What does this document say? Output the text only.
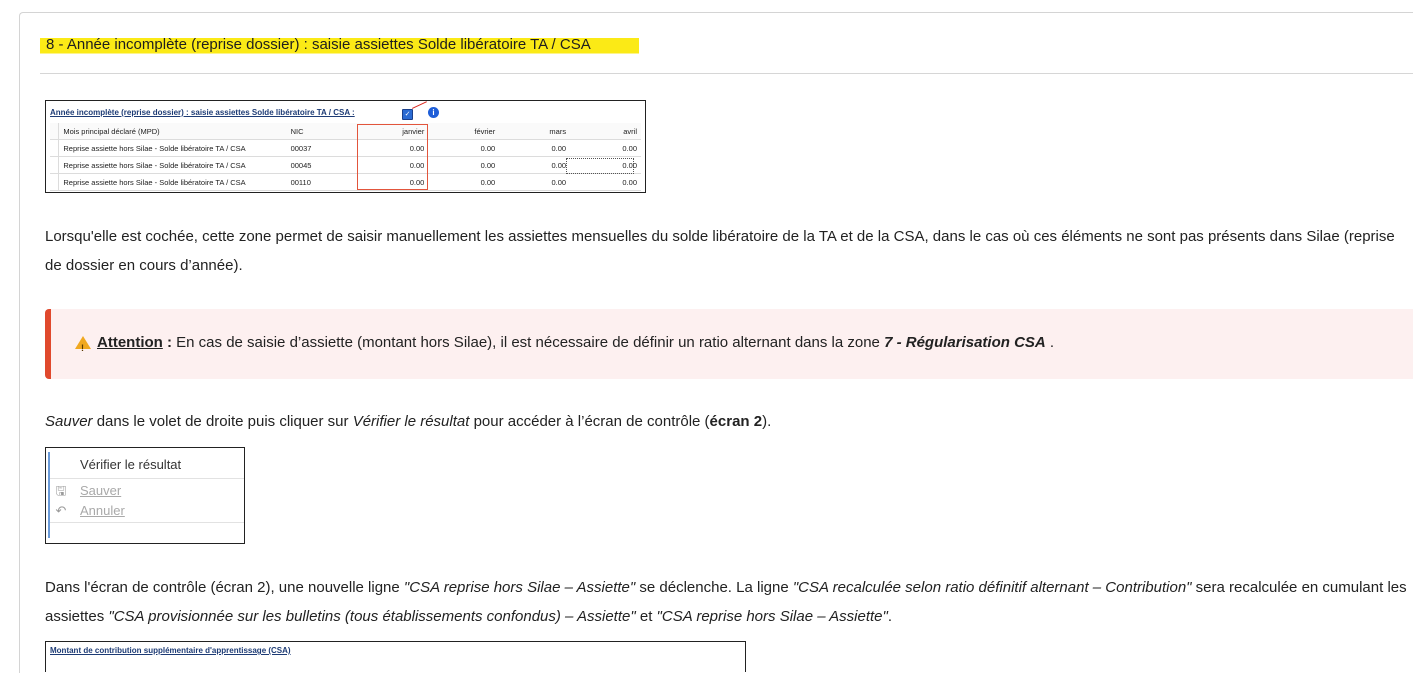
8 - Année incomplète (reprise dossier) : saisie assiettes Solde libératoire TA / CSA
Année incomplète (reprise dossier) : saisie assiettes Solde libératoire TA / CSA :	✓	i
	Mois principal déclaré (MPD)	NIC	janvier	février	mars	avril
	Reprise assiette hors Silae - Solde libératoire TA / CSA	00037	0.00	0.00	0.00	0.00
	Reprise assiette hors Silae - Solde libératoire TA / CSA	00045	0.00	0.00	0.00	0.00
	Reprise assiette hors Silae - Solde libératoire TA / CSA	00110	0.00	0.00	0.00	0.00
Lorsqu'elle est cochée, cette zone permet de saisir manuellement les assiettes mensuelles du solde libératoire de la TA et de la CSA, dans le cas où ces éléments ne sont pas présents dans Silae (reprise
de dossier en cours d’année).
!Attention : En cas de saisie d’assiette (montant hors Silae), il est nécessaire de définir un ratio alternant dans la zone 7 - Régularisation CSA .
Sauver dans le volet de droite puis cliquer sur Vérifier le résultat pour accéder à l’écran de contrôle (écran 2).
Vérifier le résultat
🖫 Sauver
↶ Annuler
Dans l'écran de contrôle (écran 2), une nouvelle ligne "CSA reprise hors Silae – Assiette" se déclenche. La ligne "CSA recalculée selon ratio définitif alternant – Contribution" sera recalculée en cumulant les
assiettes "CSA provisionnée sur les bulletins (tous établissements confondus) – Assiette" et "CSA reprise hors Silae – Assiette".
Montant de contribution supplémentaire d'apprentissage (CSA)
